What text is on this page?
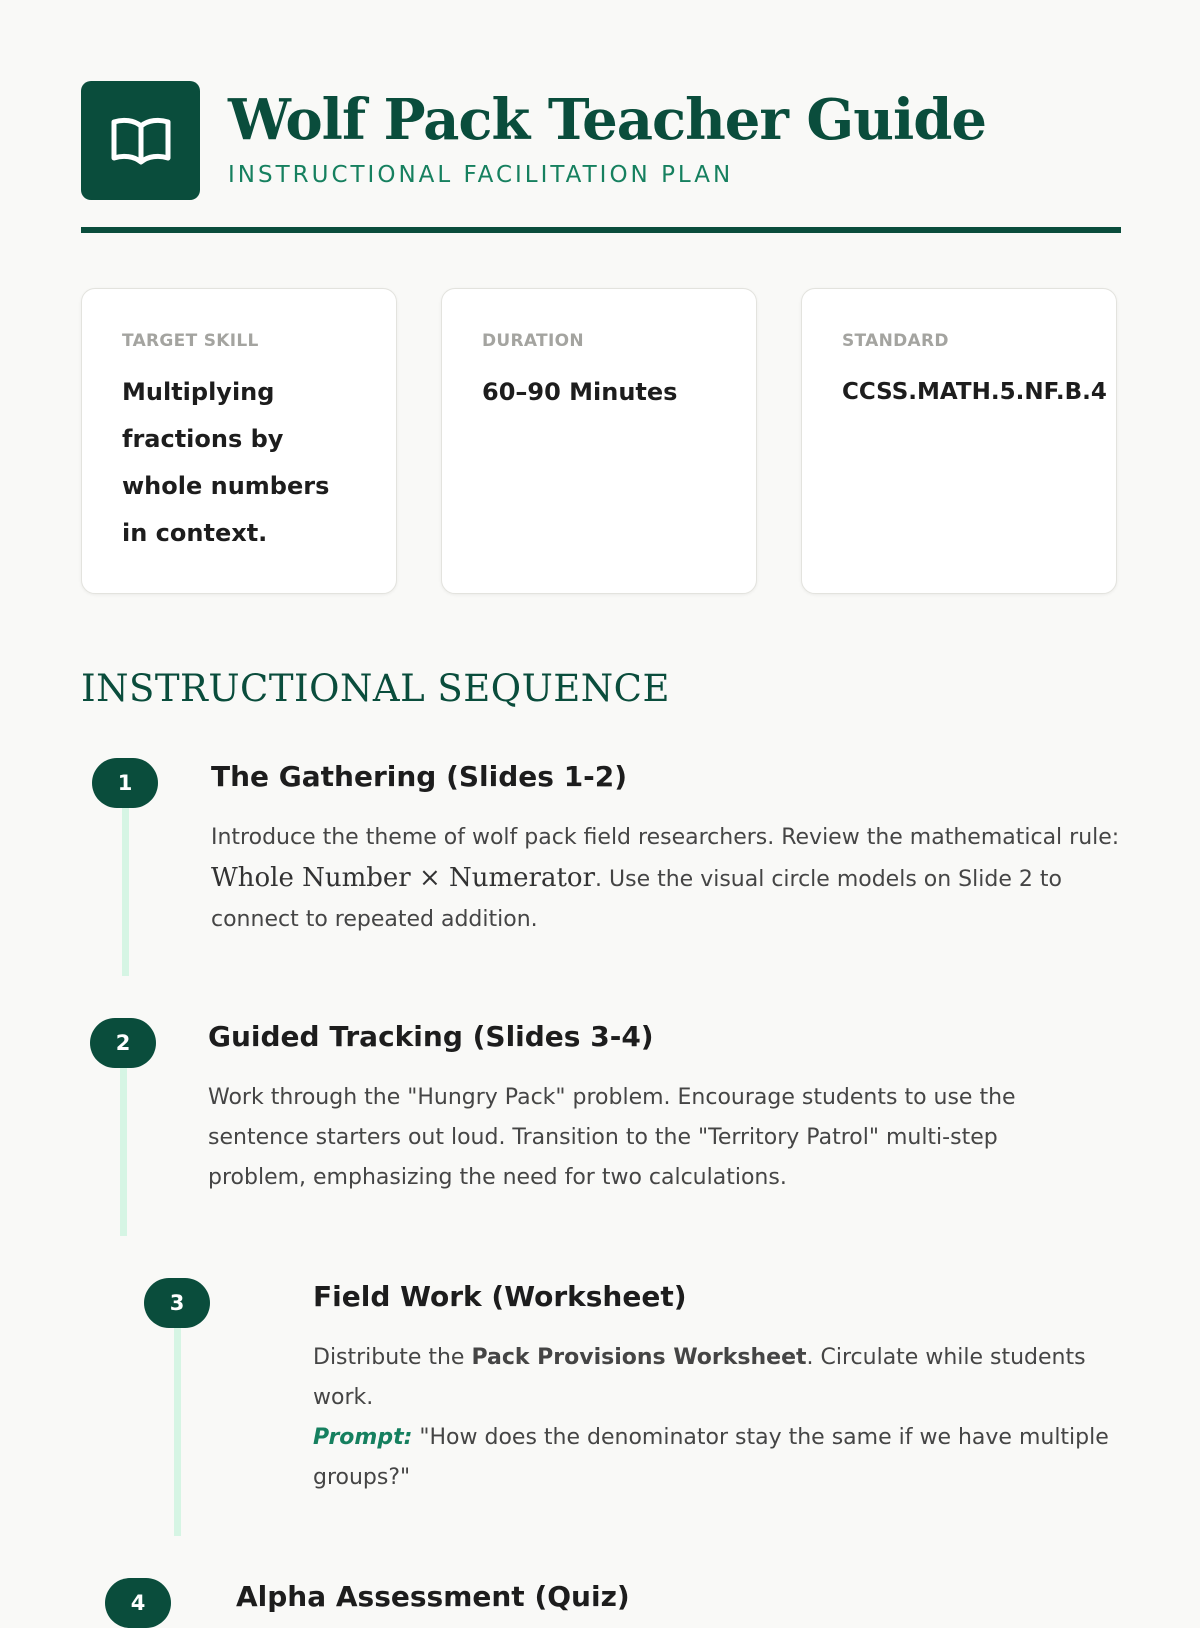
Wolf Pack Teacher Guide
INSTRUCTIONAL FACILITATION PLAN
TARGET SKILL
Multiplying fractions by whole numbers in context.
DURATION
60–90 Minutes
STANDARD
CCSS.MATH.5.NF.B.4
INSTRUCTIONAL SEQUENCE
1	The Gathering (Slides 1-2)
Introduce the theme of wolf pack field researchers. Review the mathematical rule: Whole Number × Numerator. Use the visual circle models on Slide 2 to connect to repeated addition.
2	Guided Tracking (Slides 3-4)
Work through the "Hungry Pack" problem. Encourage students to use the sentence starters out loud. Transition to the "Territory Patrol" multi-step problem, emphasizing the need for two calculations.
3	Field Work (Worksheet)
Distribute the Pack Provisions Worksheet. Circulate while students work.
Prompt: "How does the denominator stay the same if we have multiple groups?"
4	Alpha Assessment (Quiz)
